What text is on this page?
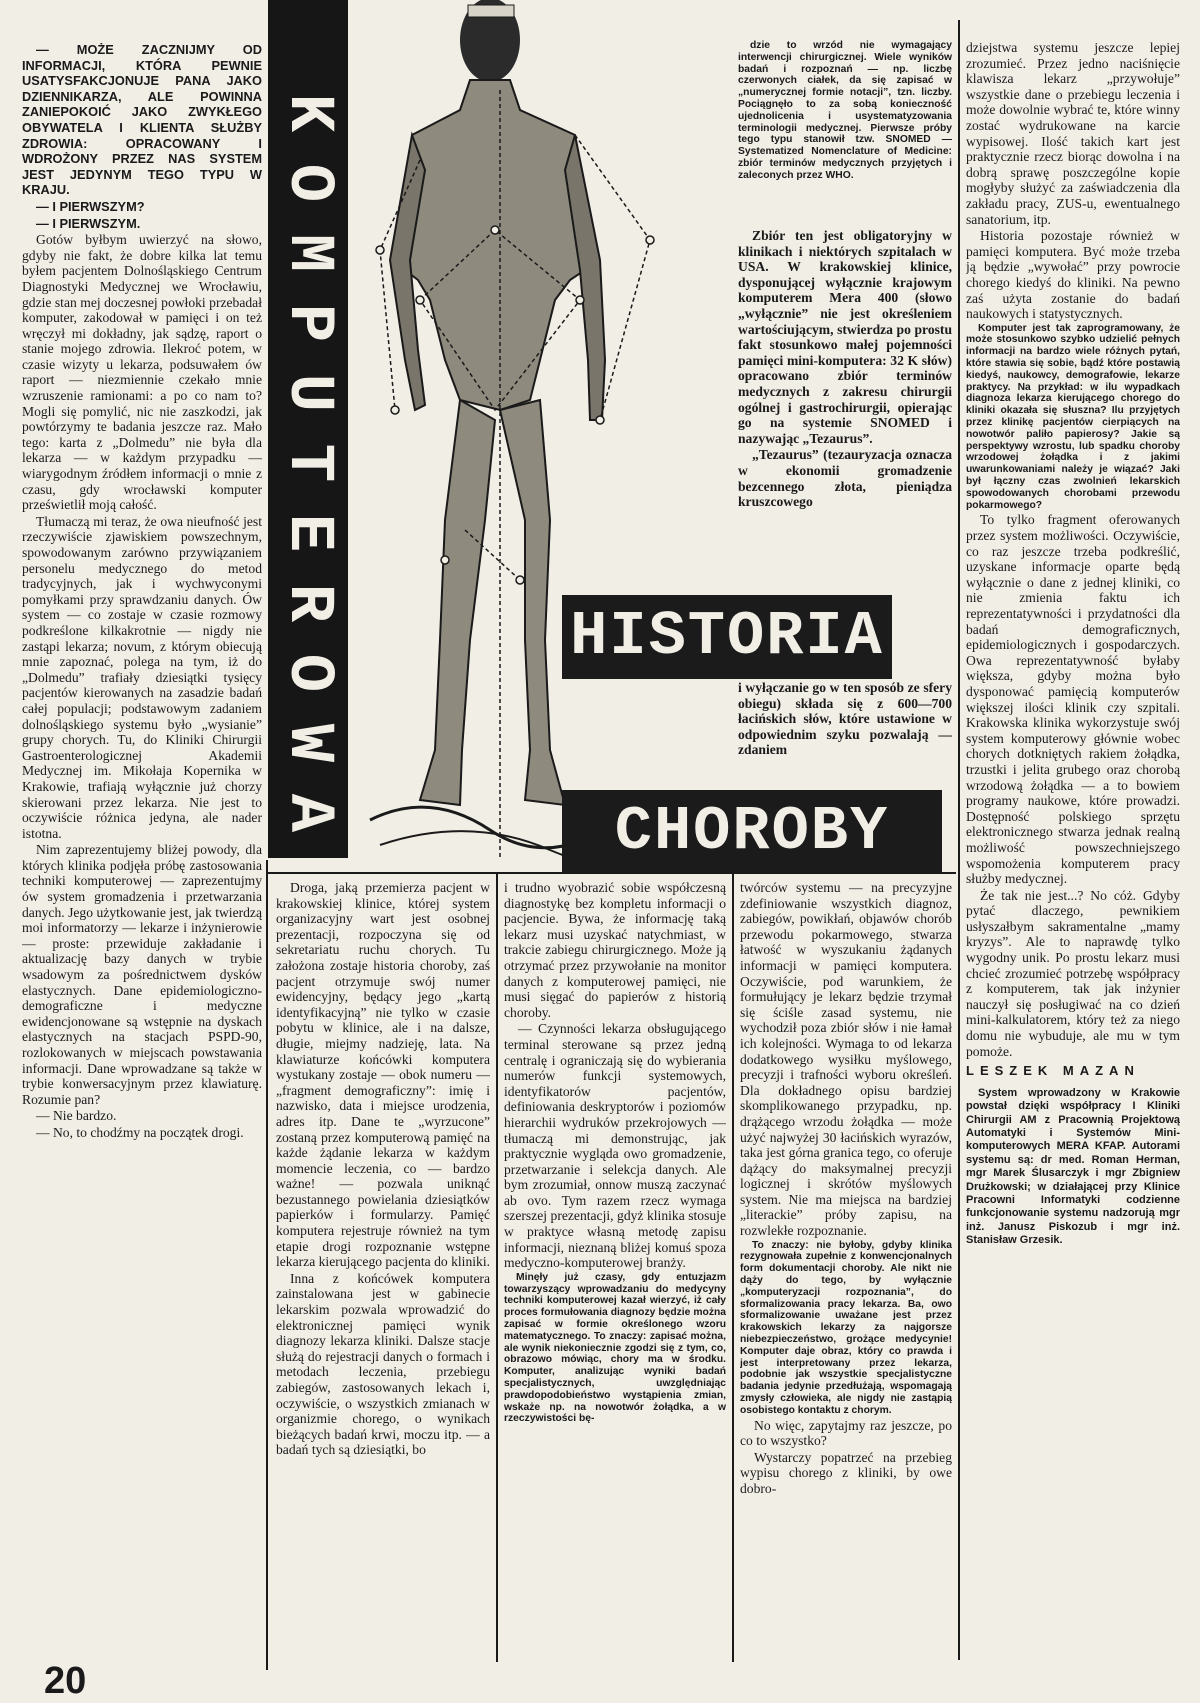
— MOŻE ZACZNIJMY OD INFORMACJI, KTÓRA PEWNIE USATYSFAKCJONUJE PANA JAKO DZIENNIKARZA, ALE POWINNA ZANIEPOKOIĆ JAKO ZWYKŁEGO OBYWATELA I KLIENTA SŁUŻBY ZDROWIA: OPRACOWANY I WDROŻONY PRZEZ NAS SYSTEM JEST JEDYNYM TEGO TYPU W KRAJU.

— I PIERWSZYM?

— I PIERWSZYM.

Gotów byłbym uwierzyć na słowo, gdyby nie fakt, że dobre kilka lat temu byłem pacjentem Dolnośląskiego Centrum Diagnostyki Medycznej we Wrocławiu, gdzie stan mej doczesnej powłoki przebadał komputer, zakodował w pamięci i on też wręczył mi dokładny, jak sądzę, raport o stanie mojego zdrowia. Ilekroć potem, w czasie wizyty u lekarza, podsuwałem ów raport — niezmiennie czekało mnie wzruszenie ramionami: a po co nam to? Mogli się pomylić, nic nie zaszkodzi, jak powtórzymy te badania jeszcze raz. Mało tego: karta z „Dolmedu” nie była dla lekarza — w każdym przypadku — wiarygodnym źródłem informacji o mnie z czasu, gdy wrocławski komputer prześwietlił moją całość.

Tłumaczą mi teraz, że owa nieufność jest rzeczywiście zjawiskiem powszechnym, spowodowanym zarówno przywiązaniem personelu medycznego do metod tradycyjnych, jak i wychwyconymi pomyłkami przy sprawdzaniu danych. Ów system — co zostaje w czasie rozmowy podkreślone kilkakrotnie — nigdy nie zastąpi lekarza; novum, z którym obiecują mnie zapoznać, polega na tym, iż do „Dolmedu” trafiały dziesiątki tysięcy pacjentów kierowanych na zasadzie badań całej populacji; podstawowym zadaniem dolnośląskiego systemu było „wysianie” grupy chorych. Tu, do Kliniki Chirurgii Gastroenterologicznej Akademii Medycznej im. Mikołaja Kopernika w Krakowie, trafiają wyłącznie już chorzy skierowani przez lekarza. Nie jest to oczywiście różnica jedyna, ale nader istotna.

Nim zaprezentujemy bliżej powody, dla których klinika podjęła próbę zastosowania techniki komputerowej — zaprezentujmy ów system gromadzenia i przetwarzania danych. Jego użytkowanie jest, jak twierdzą moi informatorzy — lekarze i inżynierowie — proste: przewiduje zakładanie i aktualizację bazy danych w trybie wsadowym za pośrednictwem dysków elastycznych. Dane epidemiologiczno-demograficzne i medyczne ewidencjonowane są wstępnie na dyskach elastycznych na stacjach PSPD-90, rozlokowanych w miejscach powstawania informacji. Dane wprowadzane są także w trybie konwersacyjnym przez klawiaturę. Rozumie pan?

— Nie bardzo.

— No, to chodźmy na początek drogi.

K
O
M
P
U
T
E
R
O
W
A
HISTORIA
CHOROBY

dzie to wrzód nie wymagający interwencji chirurgicznej. Wiele wyników badań i rozpoznań — np. liczbę czerwonych ciałek, da się zapisać w „numerycznej formie notacji”, tzn. liczby. Pociągnęło to za sobą konieczność ujednolicenia i usystematyzowania terminologii medycznej. Pierwsze próby tego typu stanowił tzw. SNOMED — Systematized Nomenclature of Medicine: zbiór terminów medycznych przyjętych i zaleconych przez WHO.

Zbiór ten jest obligatoryjny w klinikach i niektórych szpitalach w USA. W krakowskiej klinice, dysponującej wyłącznie krajowym komputerem Mera 400 (słowo „wyłącznie” nie jest określeniem wartościującym, stwierdza po prostu fakt stosunkowo małej pojemności pamięci mini-komputera: 32 K słów) opracowano zbiór terminów medycznych z zakresu chirurgii ogólnej i gastrochirurgii, opierając go na systemie SNOMED i nazywając „Tezaurus”.

„Tezaurus” (tezauryzacja oznacza w ekonomii gromadzenie bezcennego złota, pieniądza kruszcowego

i wyłączanie go w ten sposób ze sfery obiegu) składa się z 600—700 łacińskich słów, które ustawione w odpowiednim szyku pozwalają — zdaniem

dziejstwa systemu jeszcze lepiej zrozumieć. Przez jedno naciśnięcie klawisza lekarz „przywołuje” wszystkie dane o przebiegu leczenia i może dowolnie wybrać te, które winny zostać wydrukowane na karcie wypisowej. Ilość takich kart jest praktycznie rzecz biorąc dowolna i na dobrą sprawę poszczególne kopie mogłyby służyć za zaświadczenia dla zakładu pracy, ZUS-u, ewentualnego sanatorium, itp.

Historia pozostaje również w pamięci komputera. Być może trzeba ją będzie „wywołać” przy powrocie chorego kiedyś do kliniki. Na pewno zaś użyta zostanie do badań naukowych i statystycznych.

Komputer jest tak zaprogramowany, że może stosunkowo szybko udzielić pełnych informacji na bardzo wiele różnych pytań, które stawia się sobie, bądź które postawią kiedyś, naukowcy, demografowie, lekarze praktycy. Na przykład: w ilu wypadkach diagnoza lekarza kierującego chorego do kliniki okazała się słuszna? Ilu przyjętych przez klinikę pacjentów cierpiących na nowotwór paliło papierosy? Jakie są perspektywy wzrostu, lub spadku choroby wrzodowej żołądka i z jakimi uwarunkowaniami należy je wiązać? Jaki był łączny czas zwolnień lekarskich spowodowanych chorobami przewodu pokarmowego?

To tylko fragment oferowanych przez system możliwości. Oczywiście, co raz jeszcze trzeba podkreślić, uzyskane informacje oparte będą wyłącznie o dane z jednej kliniki, co nie zmienia faktu ich reprezentatywności i przydatności dla badań demograficznych, epidemiologicznych i gospodarczych. Owa reprezentatywność byłaby większa, gdyby można było dysponować pamięcią komputerów większej ilości klinik czy szpitali. Krakowska klinika wykorzystuje swój system komputerowy głównie wobec chorych dotkniętych rakiem żołądka, trzustki i jelita grubego oraz chorobą wrzodową żołądka — a to bowiem programy naukowe, które prowadzi. Dostępność polskiego sprzętu elektronicznego stwarza jednak realną możliwość powszechniejszego wspomożenia komputerem pracy służby medycznej.

Że tak nie jest...? No cóż. Gdyby pytać dlaczego, pewnikiem usłyszałbym sakramentalne „mamy kryzys”. Ale to naprawdę tylko wygodny unik. Po prostu lekarz musi chcieć zrozumieć potrzebę współpracy z komputerem, tak jak inżynier nauczył się posługiwać na co dzień mini-kalkulatorem, który też za niego domu nie wybuduje, ale mu w tym pomoże.

LESZEK MAZAN

System wprowadzony w Krakowie powstał dzięki współpracy I Kliniki Chirurgii AM z Pracownią Projektową Automatyki i Systemów Mini-komputerowych MERA KFAP. Autorami systemu są: dr med. Roman Herman, mgr Marek Ślusarczyk i mgr Zbigniew Drużkowski; w działającej przy Klinice Pracowni Informatyki codzienne funkcjonowanie systemu nadzorują mgr inż. Janusz Piskozub i mgr inż. Stanisław Grzesik.

Droga, jaką przemierza pacjent w krakowskiej klinice, której system organizacyjny wart jest osobnej prezentacji, rozpoczyna się od sekretariatu ruchu chorych. Tu założona zostaje historia choroby, zaś pacjent otrzymuje swój numer ewidencyjny, będący jego „kartą identyfikacyjną” nie tylko w czasie pobytu w klinice, ale i na dalsze, długie, miejmy nadzieję, lata. Na klawiaturze końcówki komputera wystukany zostaje — obok numeru — „fragment demograficzny”: imię i nazwisko, data i miejsce urodzenia, adres itp. Dane te „wyrzucone” zostaną przez komputerową pamięć na każde żądanie lekarza w każdym momencie leczenia, co — bardzo ważne! — pozwala uniknąć bezustannego powielania dziesiątków papierków i formularzy. Pamięć komputera rejestruje również na tym etapie drogi rozpoznanie wstępne lekarza kierującego pacjenta do kliniki.

Inna z końcówek komputera zainstalowana jest w gabinecie lekarskim pozwala wprowadzić do elektronicznej pamięci wynik diagnozy lekarza kliniki. Dalsze stacje służą do rejestracji danych o formach i metodach leczenia, przebiegu zabiegów, zastosowanych lekach i, oczywiście, o wszystkich zmianach w organizmie chorego, o wynikach bieżących badań krwi, moczu itp. — a badań tych są dziesiątki, bo

i trudno wyobrazić sobie współczesną diagnostykę bez kompletu informacji o pacjencie. Bywa, że informację taką lekarz musi uzyskać natychmiast, w trakcie zabiegu chirurgicznego. Może ją otrzymać przez przywołanie na monitor danych z komputerowej pamięci, nie musi sięgać do papierów z historią choroby.

— Czynności lekarza obsługującego terminal sterowane są przez jedną centralę i ograniczają się do wybierania numerów funkcji systemowych, identyfikatorów pacjentów, definiowania deskryptorów i poziomów hierarchii wydruków przekrojowych — tłumaczą mi demonstrując, jak praktycznie wygląda owo gromadzenie, przetwarzanie i selekcja danych. Ale bym zrozumiał, onnow muszą zaczynać ab ovo. Tym razem rzecz wymaga szerszej prezentacji, gdyż klinika stosuje w praktyce własną metodę zapisu informacji, nieznaną bliżej komuś spoza medyczno-komputerowej branży.

Minęły już czasy, gdy entuzjazm towarzyszący wprowadzaniu do medycyny techniki komputerowej kazał wierzyć, iż cały proces formułowania diagnozy będzie można zapisać w formie określonego wzoru matematycznego. To znaczy: zapisać można, ale wynik niekoniecznie zgodzi się z tym, co, obrazowo mówiąc, chory ma w środku. Komputer, analizując wyniki badań specjalistycznych, uwzględniając prawdopodobieństwo wystąpienia zmian, wskaże np. na nowotwór żołądka, a w rzeczywistości bę-

twórców systemu — na precyzyjne zdefiniowanie wszystkich diagnoz, zabiegów, powikłań, objawów chorób przewodu pokarmowego, stwarza łatwość w wyszukaniu żądanych informacji w pamięci komputera. Oczywiście, pod warunkiem, że formułujący je lekarz będzie trzymał się ściśle zasad systemu, nie wychodził poza zbiór słów i nie łamał ich kolejności. Wymaga to od lekarza dodatkowego wysiłku myślowego, precyzji i trafności wyboru określeń. Dla dokładnego opisu bardziej skomplikowanego przypadku, np. drążącego wrzodu żołądka — może użyć najwyżej 30 łacińskich wyrazów, taka jest górna granica tego, co oferuje dążący do maksymalnej precyzji logicznej i skrótów myślowych system. Nie ma miejsca na bardziej „literackie” próby zapisu, na rozwlekłe rozpoznanie.

To znaczy: nie byłoby, gdyby klinika rezygnowała zupełnie z konwencjonalnych form dokumentacji choroby. Ale nikt nie dąży do tego, by wyłącznie „komputeryzacji rozpoznania”, do sformalizowania pracy lekarza. Ba, owo sformalizowanie uważane jest przez krakowskich lekarzy za najgorsze niebezpieczeństwo, grożące medycynie! Komputer daje obraz, który co prawda i jest interpretowany przez lekarza, podobnie jak wszystkie specjalistyczne badania jedynie przedłużają, wspomagają zmysły człowieka, ale nigdy nie zastąpią osobistego kontaktu z chorym.

No więc, zapytajmy raz jeszcze, po co to wszystko?

Wystarczy popatrzeć na przebieg wypisu chorego z kliniki, by owe dobro-

20
